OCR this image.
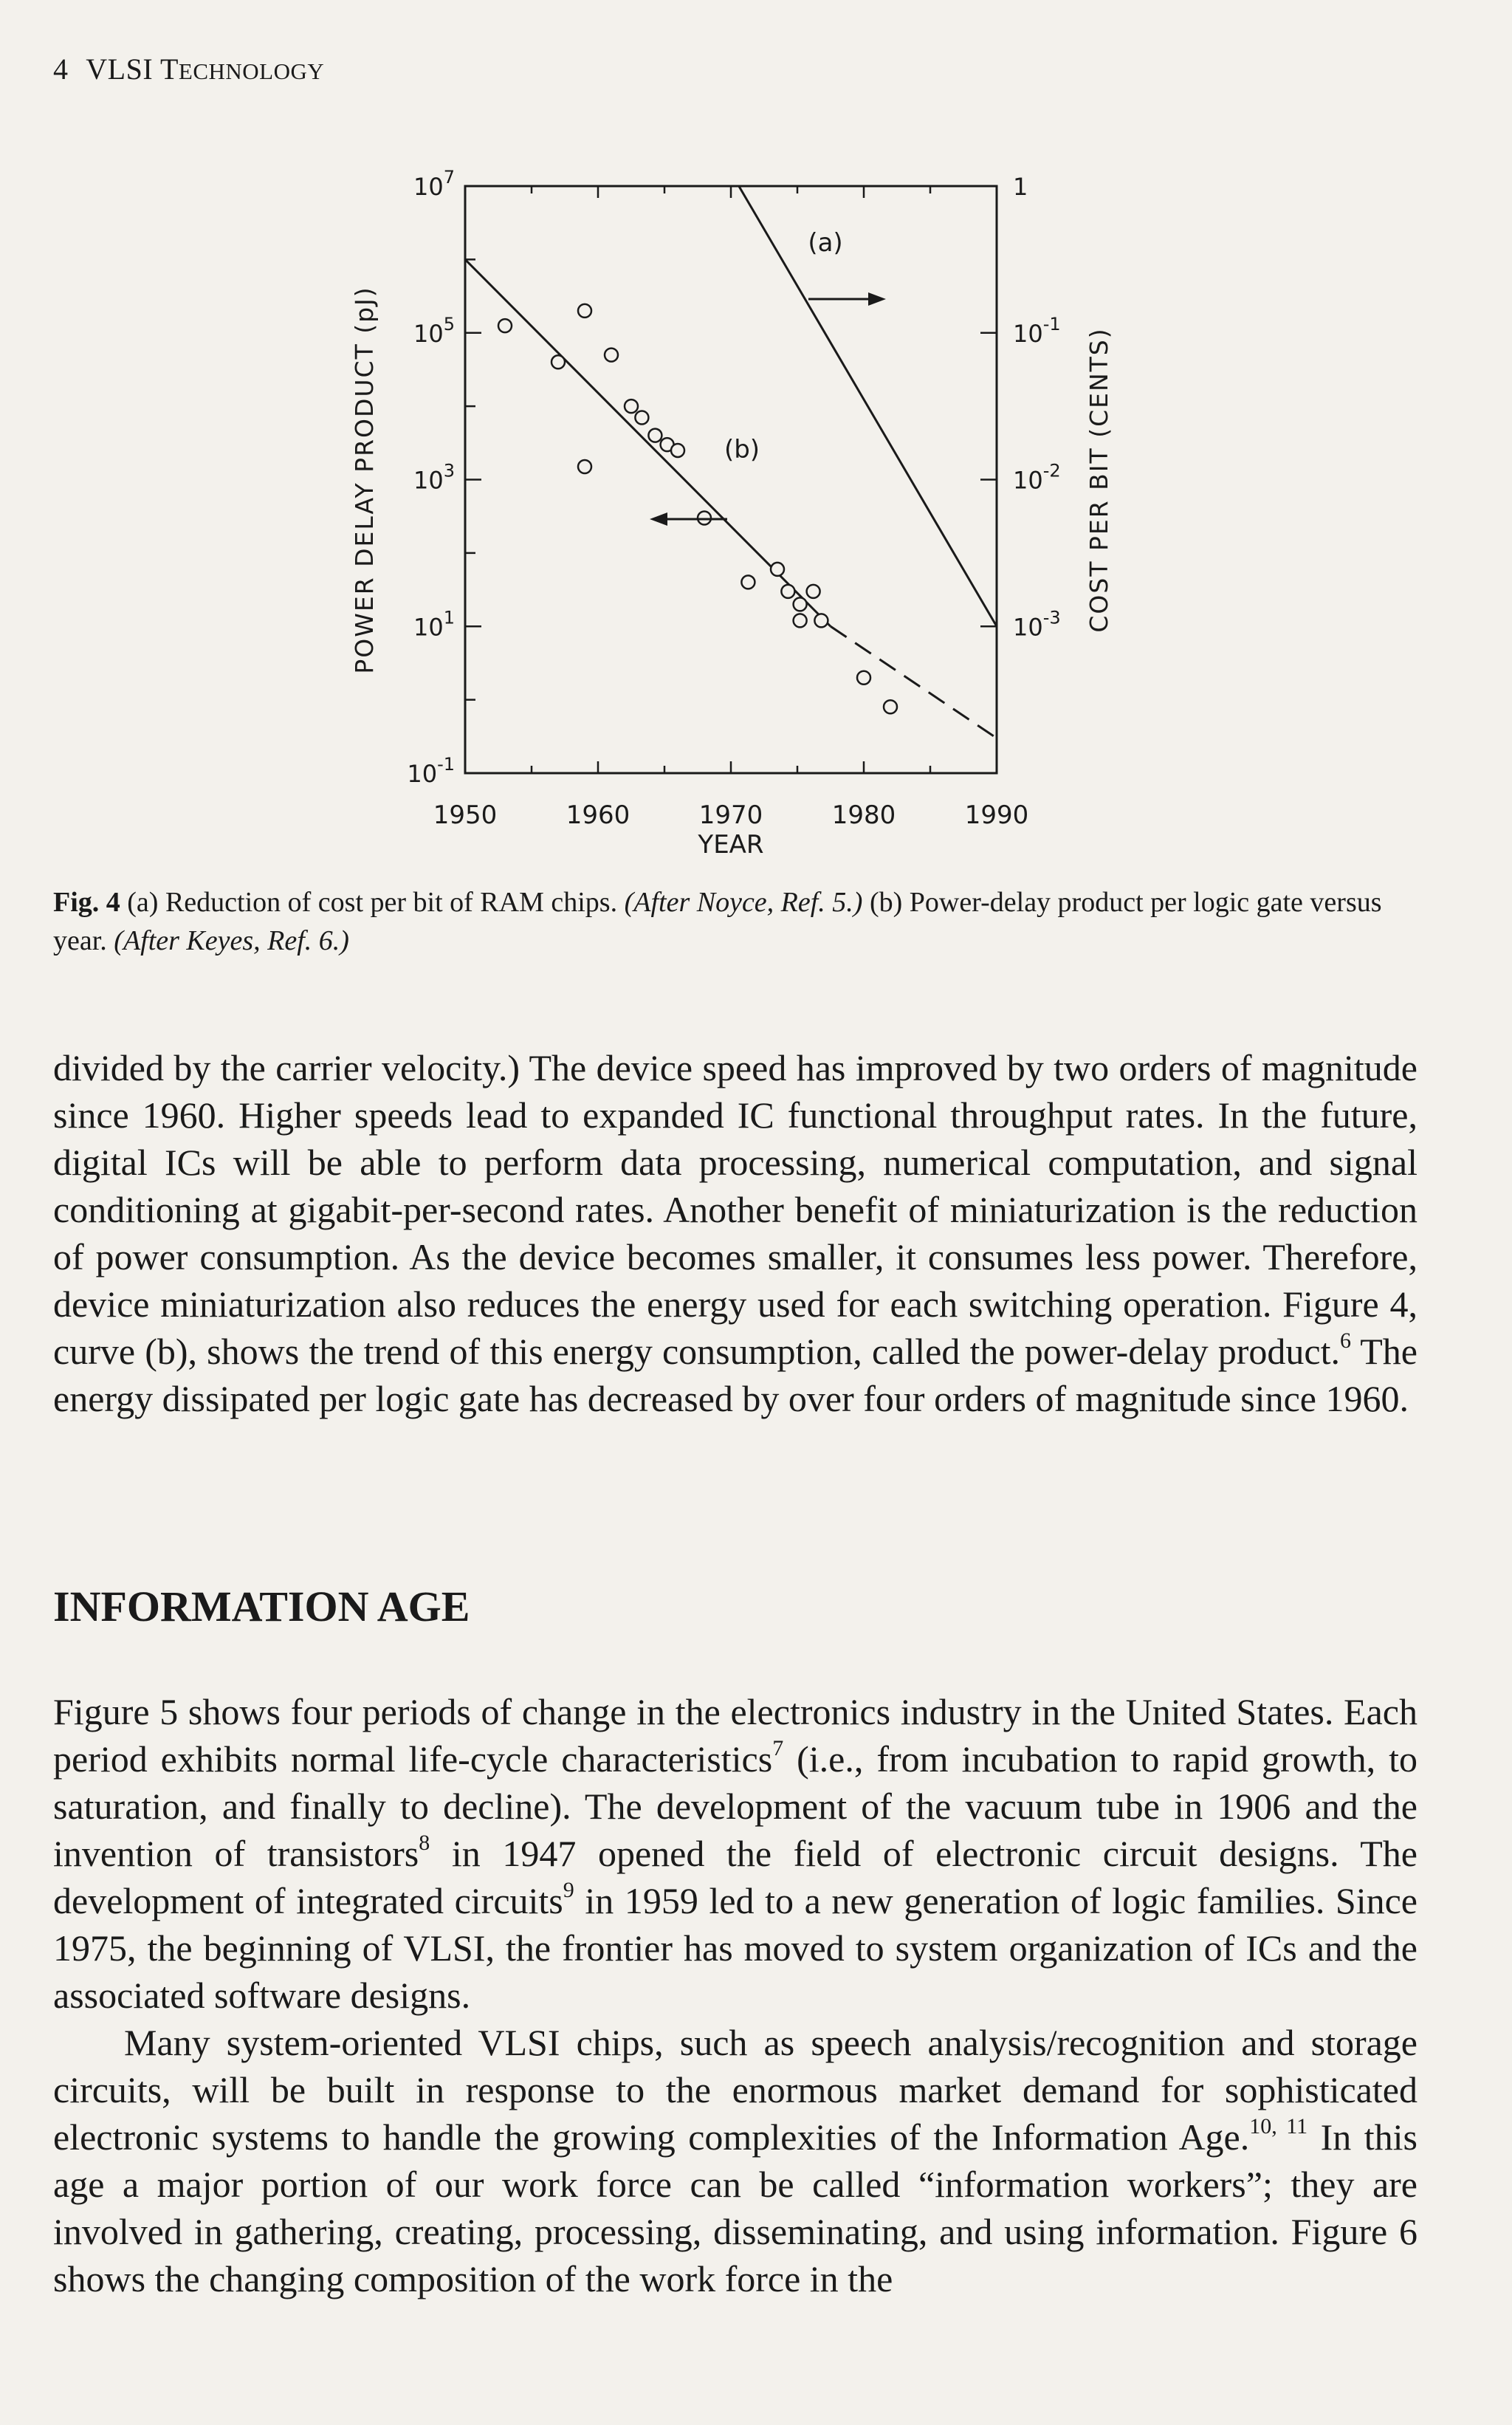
4 VLSI TECHNOLOGY
1950	1960	1970	1980	1990
$10^7$
$10^5$
$10^3$
$10^1$
$10^{-1}$
1
$10^{-1}$
$10^{-2}$
$10^{-3}$
(a)
(b)
POWER DELAY PRODUCT (pJ)	COST PER BIT (CENTS)
YEAR
Fig. 4 (a) Reduction of cost per bit of RAM chips. (After Noyce, Ref. 5.) (b) Power-delay product per logic gate versus year. (After Keyes, Ref. 6.)

divided by the carrier velocity.) The device speed has improved by two orders of magnitude since 1960. Higher speeds lead to expanded IC functional throughput rates. In the future, digital ICs will be able to perform data processing, numerical computation, and signal conditioning at gigabit-per-second rates. Another benefit of miniaturization is the reduction of power consumption. As the device becomes smaller, it consumes less power. Therefore, device miniaturization also reduces the energy used for each switching operation. Figure 4, curve (b), shows the trend of this energy consumption, called the power-delay product.$^6$ The energy dissipated per logic gate has decreased by over four orders of magnitude since 1960.

INFORMATION AGE

Figure 5 shows four periods of change in the electronics industry in the United States. Each period exhibits normal life-cycle characteristics$^7$ (i.e., from incubation to rapid growth, to saturation, and finally to decline). The development of the vacuum tube in 1906 and the invention of transistors$^8$ in 1947 opened the field of electronic circuit designs. The development of integrated circuits$^9$ in 1959 led to a new generation of logic families. Since 1975, the beginning of VLSI, the frontier has moved to system organization of ICs and the associated software designs.

Many system-oriented VLSI chips, such as speech analysis/recognition and storage circuits, will be built in response to the enormous market demand for sophisticated electronic systems to handle the growing complexities of the Information Age.$^{10, 11}$ In this age a major portion of our work force can be called “information workers”; they are involved in gathering, creating, processing, disseminating, and using information. Figure 6 shows the changing composition of the work force in the
